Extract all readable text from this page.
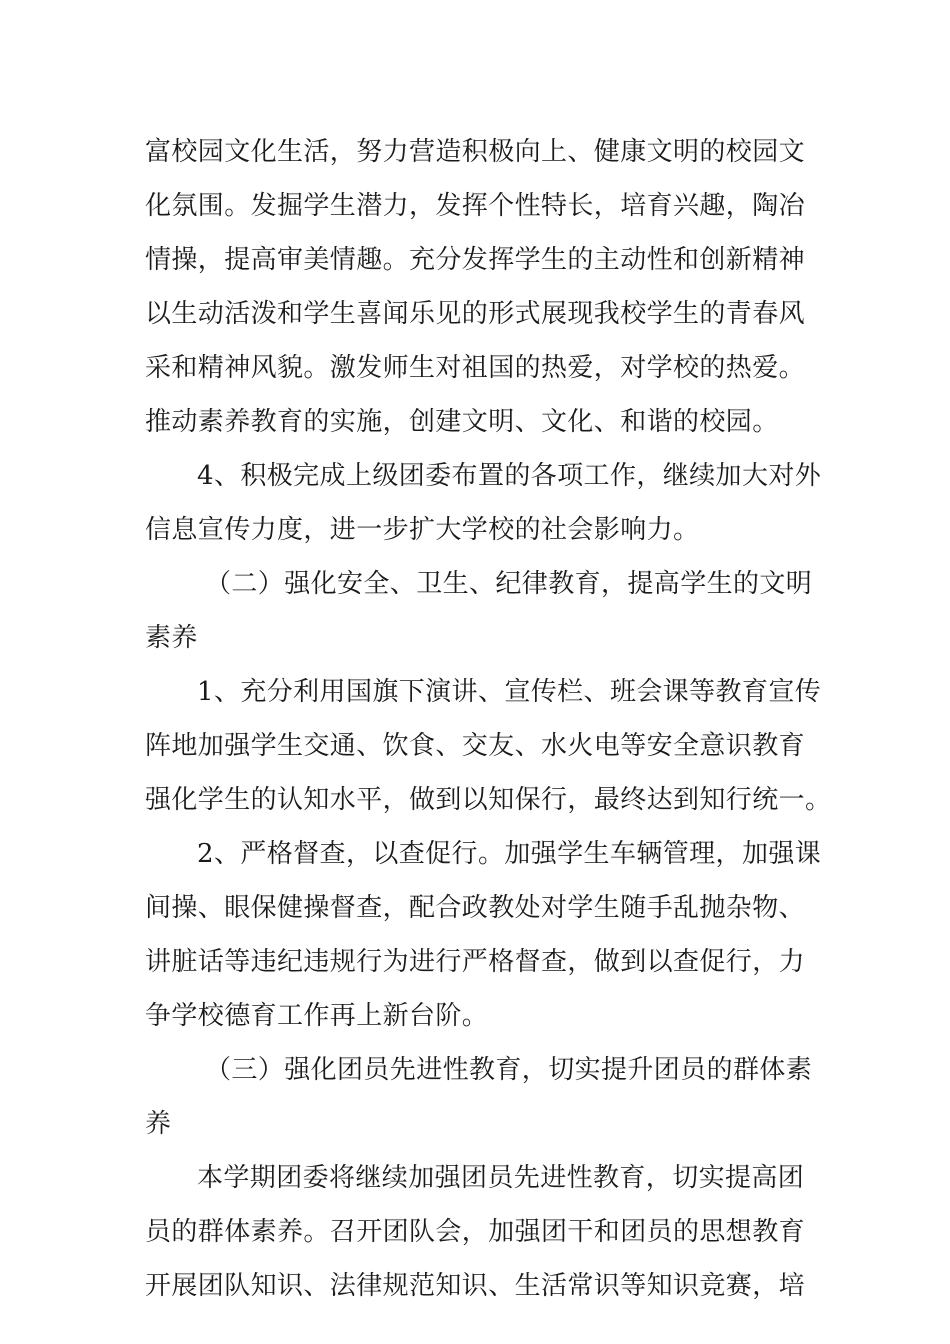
富校园文化生活，努力营造积极向上、健康文明的校园文
化氛围。发掘学生潜力，发挥个性特长，培育兴趣，陶冶
情操，提高审美情趣。充分发挥学生的主动性和创新精神
以生动活泼和学生喜闻乐见的形式展现我校学生的青春风
采和精神风貌。激发师生对祖国的热爱，对学校的热爱。
推动素养教育的实施，创建文明、文化、和谐的校园。
4、积极完成上级团委布置的各项工作，继续加大对外
信息宣传力度，进一步扩大学校的社会影响力。
（二）强化安全、卫生、纪律教育，提高学生的文明
素养
1、充分利用国旗下演讲、宣传栏、班会课等教育宣传
阵地加强学生交通、饮食、交友、水火电等安全意识教育
强化学生的认知水平，做到以知保行，最终达到知行统一。
2、严格督查，以查促行。加强学生车辆管理，加强课
间操、眼保健操督查，配合政教处对学生随手乱抛杂物、
讲脏话等违纪违规行为进行严格督查，做到以查促行，力
争学校德育工作再上新台阶。
（三）强化团员先进性教育，切实提升团员的群体素
养
本学期团委将继续加强团员先进性教育，切实提高团
员的群体素养。召开团队会，加强团干和团员的思想教育
开展团队知识、法律规范知识、生活常识等知识竞赛，培
